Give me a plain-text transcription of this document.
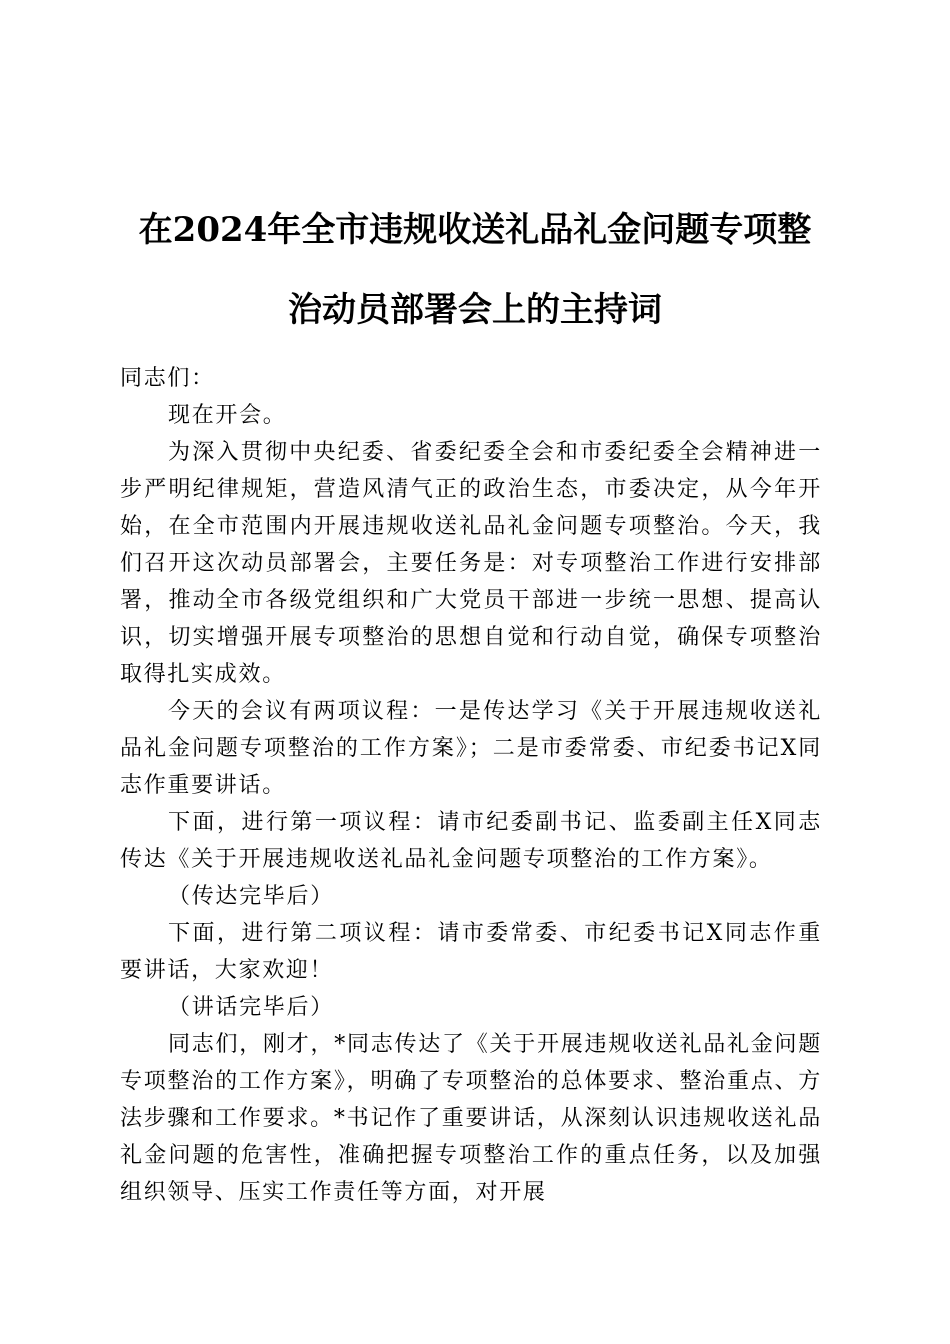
在2024年全市违规收送礼品礼金问题专项整
治动员部署会上的主持词

同志们：

现在开会。

为深入贯彻中央纪委、省委纪委全会和市委纪委全会精神进一步严明纪律规矩，营造风清气正的政治生态，市委决定，从今年开始，在全市范围内开展违规收送礼品礼金问题专项整治。今天，我们召开这次动员部署会，主要任务是：对专项整治工作进行安排部署，推动全市各级党组织和广大党员干部进一步统一思想、提高认识，切实增强开展专项整治的思想自觉和行动自觉，确保专项整治取得扎实成效。

今天的会议有两项议程：一是传达学习《关于开展违规收送礼品礼金问题专项整治的工作方案》；二是市委常委、市纪委书记X同志作重要讲话。

下面，进行第一项议程：请市纪委副书记、监委副主任X同志传达《关于开展违规收送礼品礼金问题专项整治的工作方案》。

（传达完毕后）

下面，进行第二项议程：请市委常委、市纪委书记X同志作重要讲话，大家欢迎！

（讲话完毕后）

同志们，刚才，*同志传达了《关于开展违规收送礼品礼金问题专项整治的工作方案》，明确了专项整治的总体要求、整治重点、方法步骤和工作要求。*书记作了重要讲话，从深刻认识违规收送礼品礼金问题的危害性，准确把握专项整治工作的重点任务，以及加强组织领导、压实工作责任等方面，对开展
